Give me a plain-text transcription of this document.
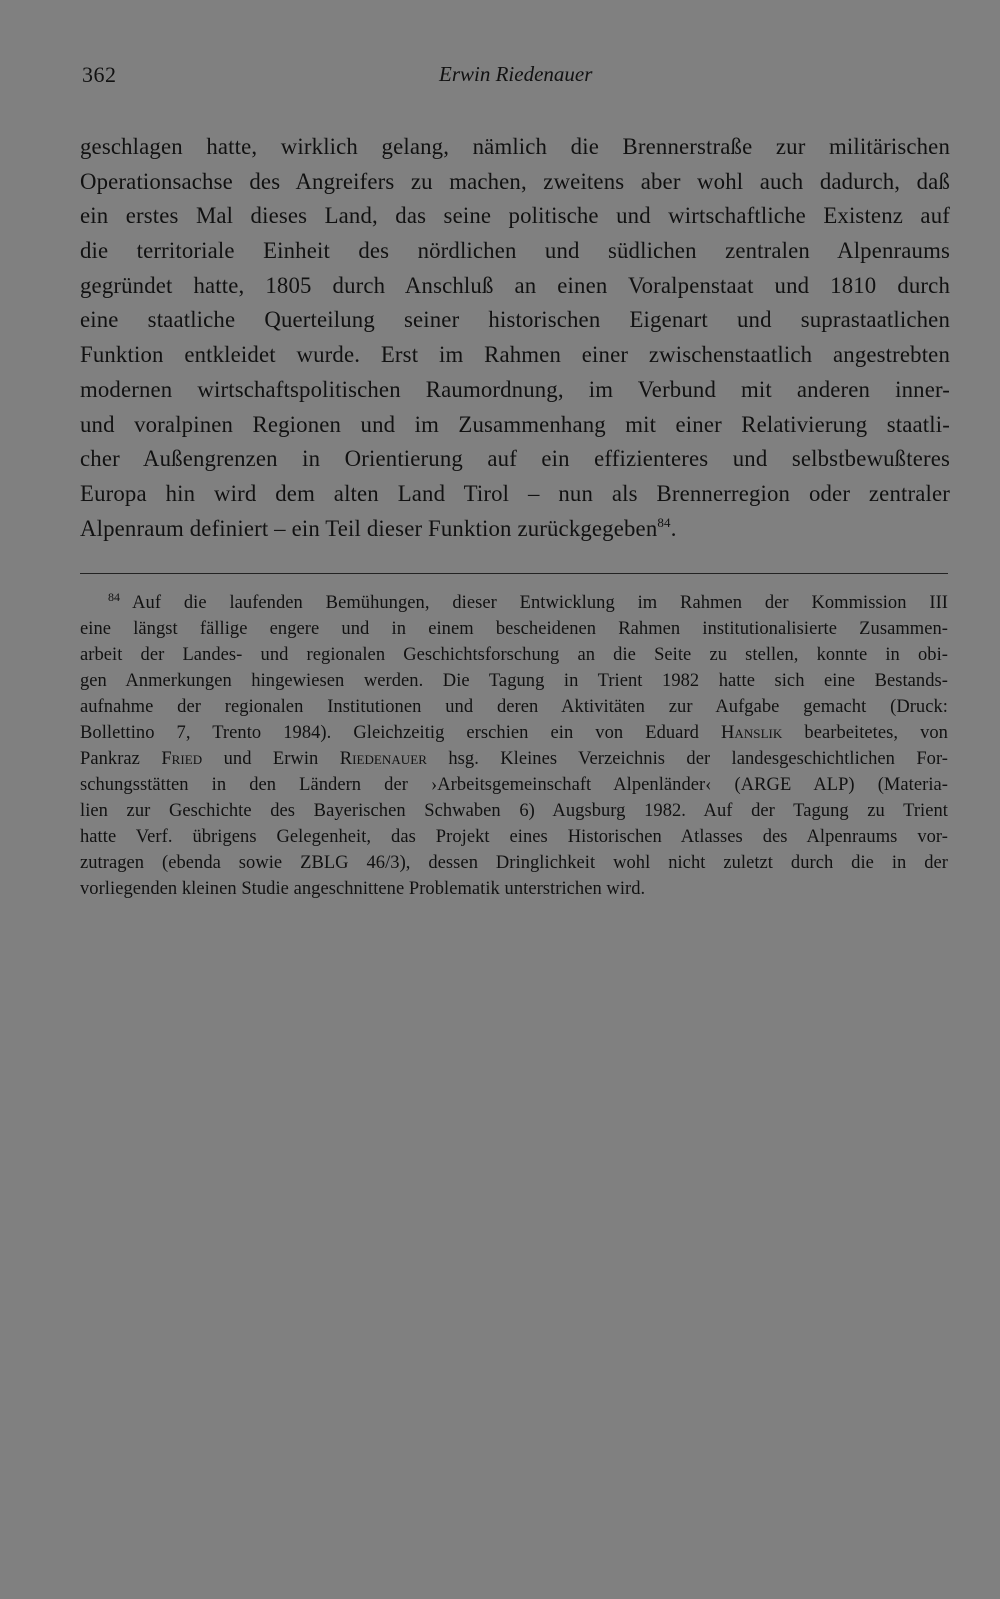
362	Erwin Riedenauer
geschlagen hatte, wirklich gelang, nämlich die Brennerstraße zur militärischen
Operationsachse des Angreifers zu machen, zweitens aber wohl auch dadurch, daß
ein erstes Mal dieses Land, das seine politische und wirtschaftliche Existenz auf
die territoriale Einheit des nördlichen und südlichen zentralen Alpenraums
gegründet hatte, 1805 durch Anschluß an einen Voralpenstaat und 1810 durch
eine staatliche Querteilung seiner historischen Eigenart und suprastaatlichen
Funktion entkleidet wurde. Erst im Rahmen einer zwischenstaatlich angestrebten
modernen wirtschaftspolitischen Raumordnung, im Verbund mit anderen inner-
und voralpinen Regionen und im Zusammenhang mit einer Relativierung staatli-
cher Außengrenzen in Orientierung auf ein effizienteres und selbstbewußteres
Europa hin wird dem alten Land Tirol – nun als Brennerregion oder zentraler
Alpenraum definiert – ein Teil dieser Funktion zurückgegeben$^{84}$.
$^{84}$ Auf die laufenden Bemühungen, dieser Entwicklung im Rahmen der Kommission III
eine längst fällige engere und in einem bescheidenen Rahmen institutionalisierte Zusammen-
arbeit der Landes- und regionalen Geschichtsforschung an die Seite zu stellen, konnte in obi-
gen Anmerkungen hingewiesen werden. Die Tagung in Trient 1982 hatte sich eine Bestands-
aufnahme der regionalen Institutionen und deren Aktivitäten zur Aufgabe gemacht (Druck:
Bollettino 7, Trento 1984). Gleichzeitig erschien ein von Eduard Hanslik bearbeitetes, von
Pankraz Fried und Erwin Riedenauer hsg. Kleines Verzeichnis der landesgeschichtlichen For-
schungsstätten in den Ländern der ›Arbeitsgemeinschaft Alpenländer‹ (ARGE ALP) (Materia-
lien zur Geschichte des Bayerischen Schwaben 6) Augsburg 1982. Auf der Tagung zu Trient
hatte Verf. übrigens Gelegenheit, das Projekt eines Historischen Atlasses des Alpenraums vor-
zutragen (ebenda sowie ZBLG 46/3), dessen Dringlichkeit wohl nicht zuletzt durch die in der
vorliegenden kleinen Studie angeschnittene Problematik unterstrichen wird.
